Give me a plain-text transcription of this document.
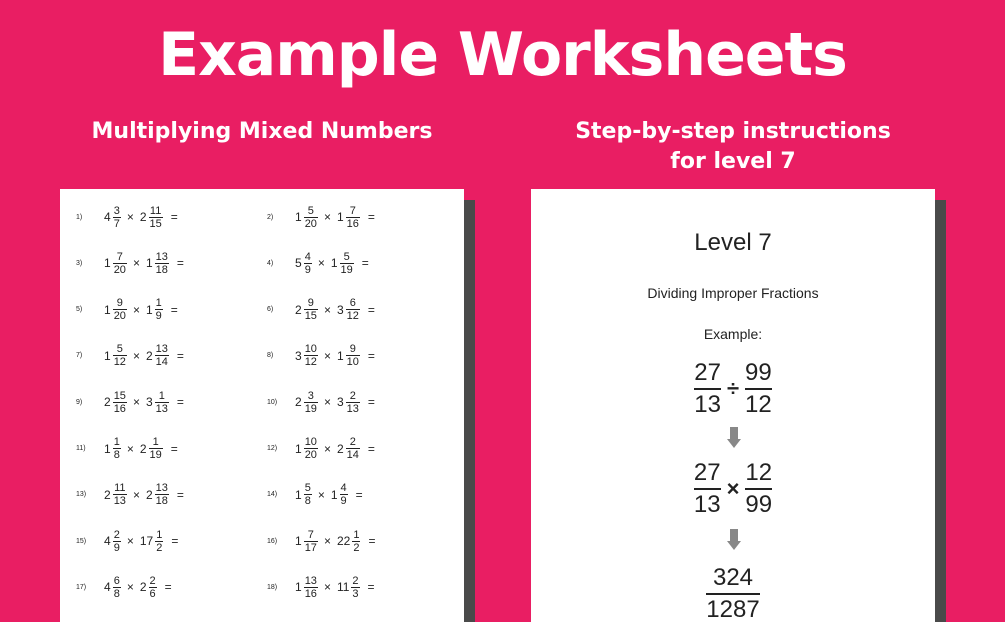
Example Worksheets
Multiplying Mixed Numbers	Step-by-step instructions
for level 7
1)	$4 \frac{3}{7} \times 2 \frac{11}{15}$ =	2)	$1 \frac{5}{20} \times 1 \frac{7}{16}$ =
3)	$1 \frac{7}{20} \times 1 \frac{13}{18}$ =	4)	$5 \frac{4}{9} \times 1 \frac{5}{19}$ =
5)	$1 \frac{9}{20} \times 1 \frac{1}{9}$ =	6)	$2 \frac{9}{15} \times 3 \frac{6}{12}$ =
7)	$1 \frac{5}{12} \times 2 \frac{13}{14}$ =	8)	$3 \frac{10}{12} \times 1 \frac{9}{10}$ =
9)	$2 \frac{15}{16} \times 3 \frac{1}{13}$ =	10)	$2 \frac{3}{19} \times 3 \frac{2}{13}$ =
11)	$1 \frac{1}{8} \times 2 \frac{1}{19}$ =	12)	$1 \frac{10}{20} \times 2 \frac{2}{14}$ =
13)	$2 \frac{11}{13} \times 2 \frac{13}{18}$ =	14)	$1 \frac{5}{8} \times 1 \frac{4}{9}$ =
15)	$4 \frac{2}{9} \times 17 \frac{1}{2}$ =	16)	$1 \frac{7}{17} \times 22 \frac{1}{2}$ =
17)	$4 \frac{6}{8} \times 2 \frac{2}{6}$ =	18)	$1 \frac{13}{16} \times 11 \frac{2}{3}$ =
Level 7
Dividing Improper Fractions
Example:
27
13
÷
99
12
27
13
×
12
99
324
1287
